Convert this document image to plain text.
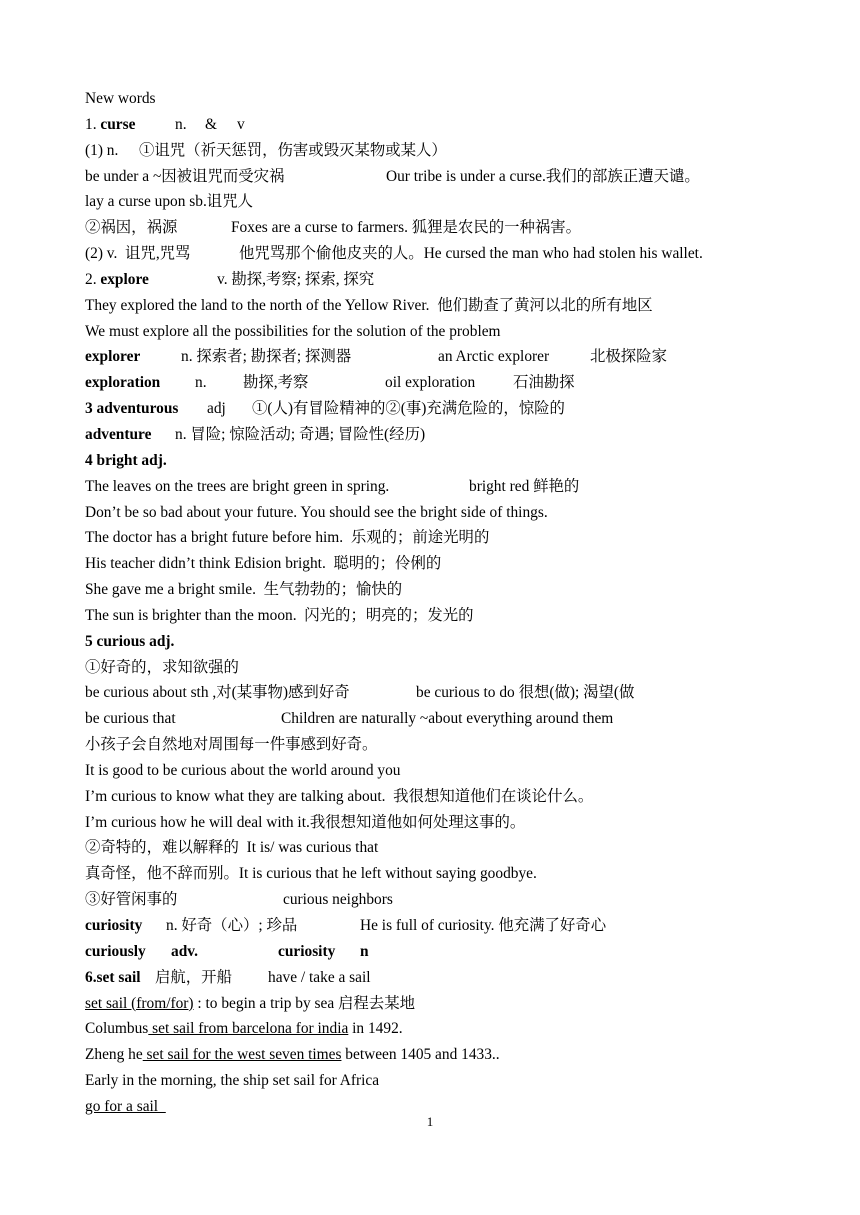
New words
1. curse	n. & v
(1) n. ①诅咒（祈天惩罚，伤害或毁灭某物或某人）
be under a ~因被诅咒而受灾祸	Our tribe is under a curse.我们的部族正遭天谴。
lay a curse upon sb.诅咒人
②祸因，祸源	Foxes are a curse to farmers. 狐狸是农民的一种祸害。
(2) v.  诅咒,咒骂	他咒骂那个偷他皮夹的人。He cursed the man who had stolen his wallet.
2. explore	v. 勘探,考察; 探索, 探究
They explored the land to the north of the Yellow River.  他们勘查了黄河以北的所有地区
We must explore all the possibilities for the solution of the problem
explorer	n. 探索者; 勘探者; 探测器	an Arctic explorer	北极探险家
exploration n. 勘探,考察	oil exploration 石油勘探
3 adventurous adj ①(人)有冒险精神的②(事)充满危险的，惊险的
adventure n. 冒险; 惊险活动; 奇遇; 冒险性(经历)
4 bright adj.
The leaves on the trees are bright green in spring.	bright red 鲜艳的
Don’t be so bad about your future. You should see the bright side of things.
The doctor has a bright future before him.  乐观的；前途光明的
His teacher didn’t think Edision bright.  聪明的；伶俐的
She gave me a bright smile.  生气勃勃的；愉快的
The sun is brighter than the moon.  闪光的；明亮的；发光的
5 curious adj.
①好奇的，求知欲强的
be curious about sth ,对(某事物)感到好奇	be curious to do 很想(做); 渴望(做
be curious that	Children are naturally ~about everything around them
小孩子会自然地对周围每一件事感到好奇。
It is good to be curious about the world around you
I’m curious to know what they are talking about.  我很想知道他们在谈论什么。
I’m curious how he will deal with it.我很想知道他如何处理这事的。
②奇特的，难以解释的  It is/ was curious that
真奇怪，他不辞而别。It is curious that he left without saying goodbye.
③好管闲事的	curious neighbors
curiosity n. 好奇（心）; 珍品	He is full of curiosity. 他充满了好奇心
curiously adv.	curiosity n
6.set sail 启航，开船 have / take a sail
set sail (from/for) : to begin a trip by sea 启程去某地
Columbus set sail from barcelona for india in 1492.
Zheng he set sail for the west seven times between 1405 and 1433..
Early in the morning, the ship set sail for Africa
go for a sail
1
